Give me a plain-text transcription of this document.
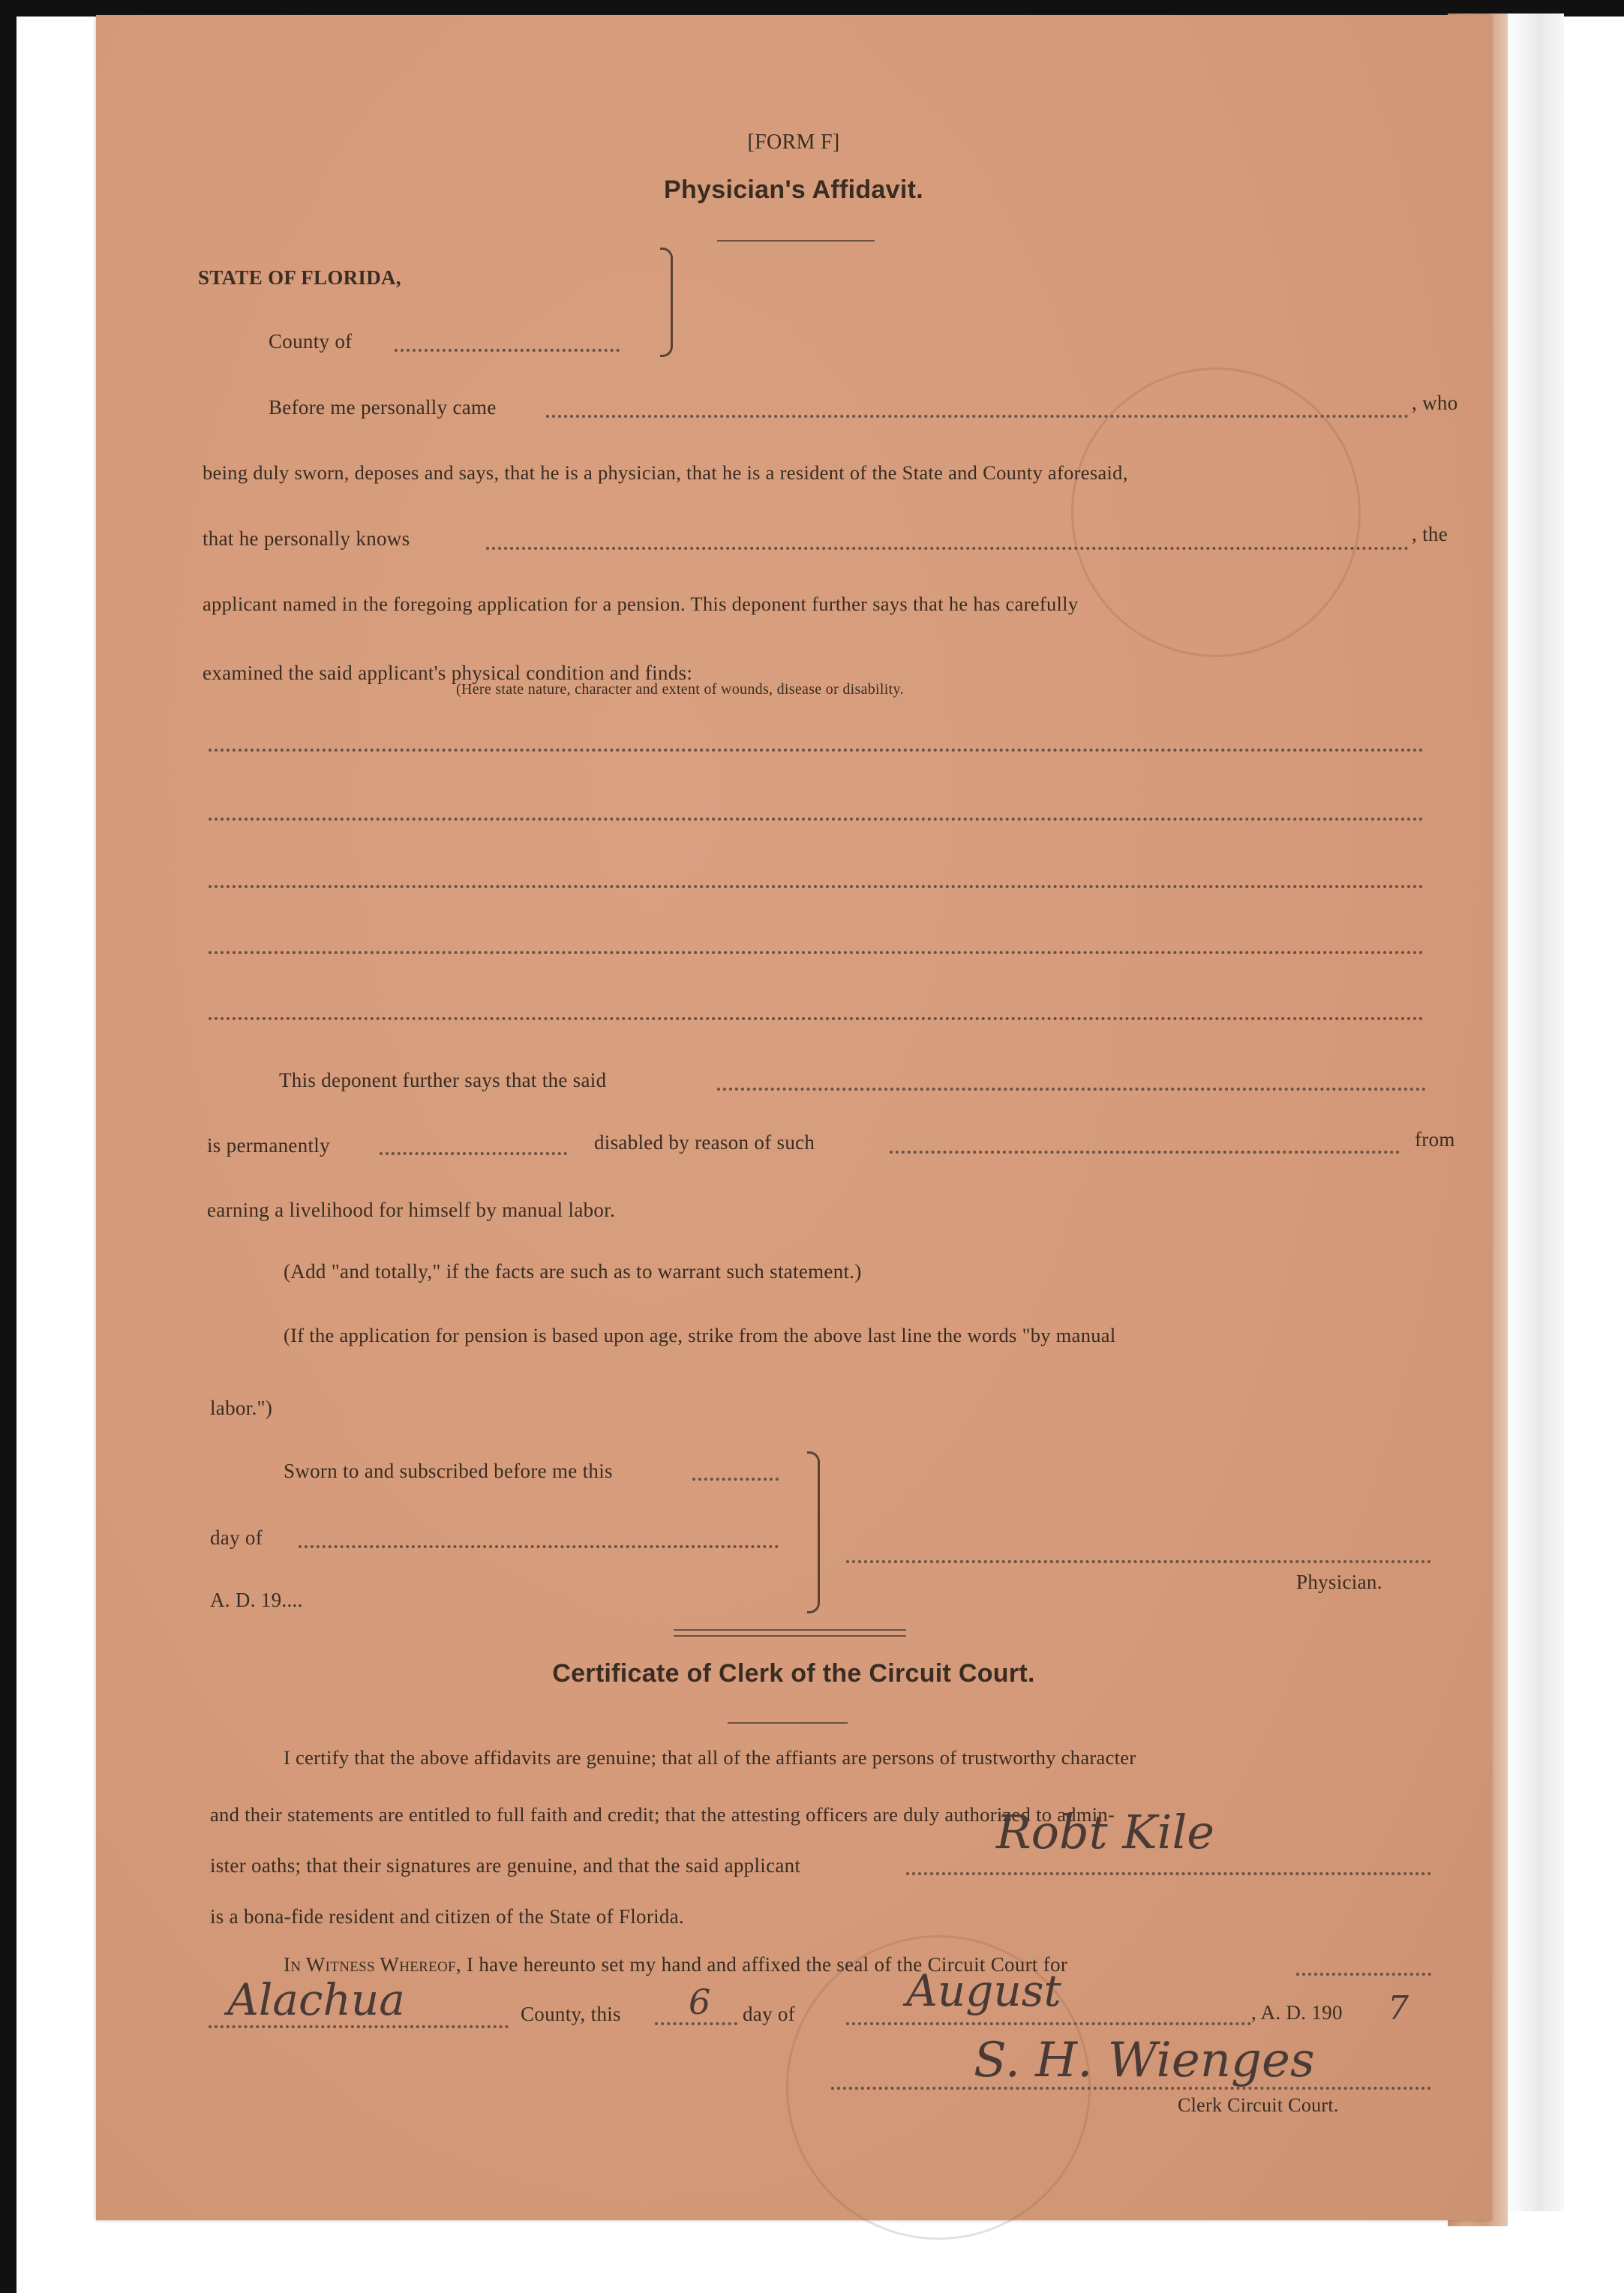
[FORM F]
Physician's Affidavit.
STATE OF FLORIDA,
County of
Before me personally came	, who
being duly sworn, deposes and says, that he is a physician, that he is a resident of the State and County aforesaid,
that he personally knows	, the
applicant named in the foregoing application for a pension. This deponent further says that he has carefully
examined the said applicant's physical condition and finds:
(Here state nature, character and extent of wounds, disease or disability.
This deponent further says that the said
is permanently	disabled by reason of such	from
earning a livelihood for himself by manual labor.
(Add "and totally," if the facts are such as to warrant such statement.)
(If the application for pension is based upon age, strike from the above last line the words "by manual
labor.")
Sworn to and subscribed before me this
day of
A. D. 19....
Physician.
Certificate of Clerk of the Circuit Court.
I certify that the above affidavits are genuine; that all of the affiants are persons of trustworthy character
and their statements are entitled to full faith and credit; that the attesting officers are duly authorized to admin-
ister oaths; that their signatures are genuine, and that the said applicant
Robt Kile
is a bona-fide resident and citizen of the State of Florida.
In Witness Whereof, I have hereunto set my hand and affixed the seal of the Circuit Court for
Alachua	County, this 6 day of	August	, A. D. 190 7
S. H. Wienges
Clerk Circuit Court.
